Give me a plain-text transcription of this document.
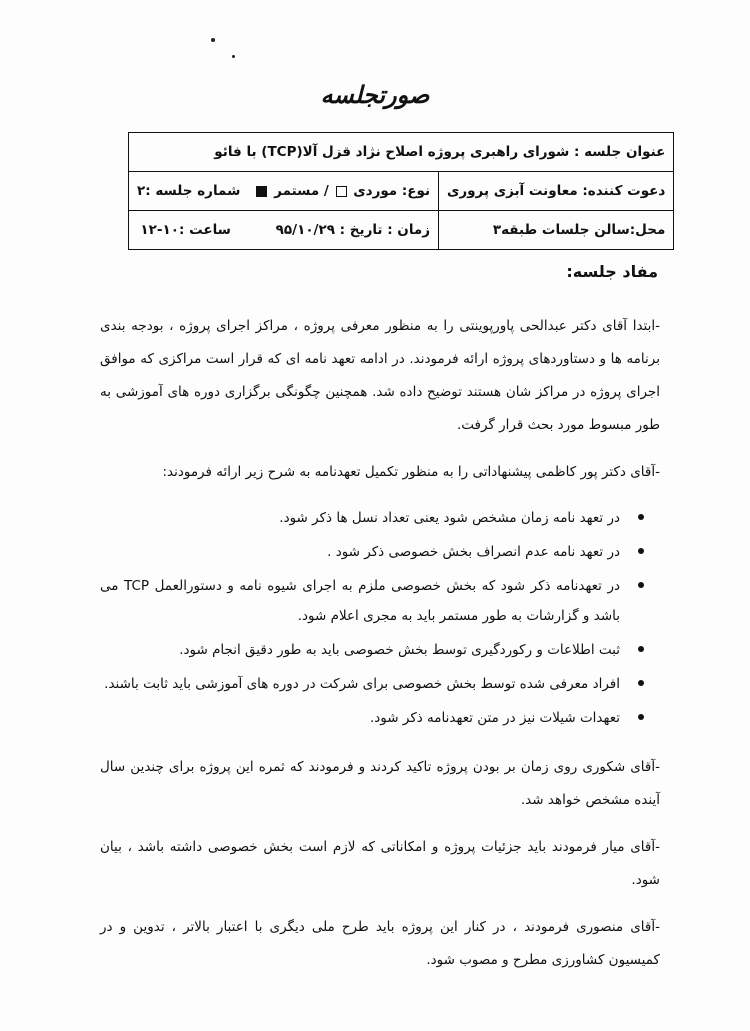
صورتجلسه
عنوان جلسه : شورای راهبری پروژه اصلاح نژاد قزل آلا(TCP) با فائو	
دعوت کننده: معاونت آبزی پروری	نوع: موردی  / مستمر    شماره جلسه :۲
محل:سالن جلسات طبقه۳	زمان : تاریخ : ۹۵/۱۰/۲۹ ساعت :۱۰-۱۲
مفاد جلسه:

-ابتدا آقای دکتر عبدالحی پاورپوینتی را به منظور معرفی پروژه ، مراکز اجرای پروژه ، بودجه بندی برنامه ها و دستاوردهای پروژه ارائه فرمودند. در ادامه تعهد نامه ای که قرار است مراکزی که موافق اجرای پروژه در مراکز شان هستند توضیح داده شد. همچنین چگونگی برگزاری دوره های آموزشی به طور مبسوط مورد بحث قرار گرفت.

-آقای دکتر پور کاظمی پیشنهاداتی را به منظور تکمیل تعهدنامه به شرح زیر ارائه فرمودند:

در تعهد نامه زمان مشخص شود یعنی تعداد نسل ها ذکر شود.
در تعهد نامه عدم انصراف بخش خصوصی ذکر شود .
در تعهدنامه ذکر شود که بخش خصوصی ملزم به اجرای شیوه نامه و دستورالعمل TCP می باشد و گزارشات به طور مستمر باید به مجری اعلام شود.
ثبت اطلاعات و رکوردگیری توسط بخش خصوصی باید به طور دقیق انجام شود.
افراد معرفی شده توسط بخش خصوصی برای شرکت در دوره های آموزشی باید ثابت باشند.
تعهدات شیلات نیز در متن تعهدنامه ذکر شود.

-آقای شکوری روی زمان بر بودن پروژه تاکید کردند و فرمودند که ثمره این پروژه برای چندین سال آینده مشخص خواهد شد.

-آقای میار فرمودند باید جزئیات پروژه و امکاناتی که لازم است بخش خصوصی داشته باشد ، بیان شود.

-آقای منصوری فرمودند ، در کنار این پروژه باید طرح ملی دیگری با اعتبار بالاتر ، تدوین و در کمیسیون کشاورزی مطرح و مصوب شود.
